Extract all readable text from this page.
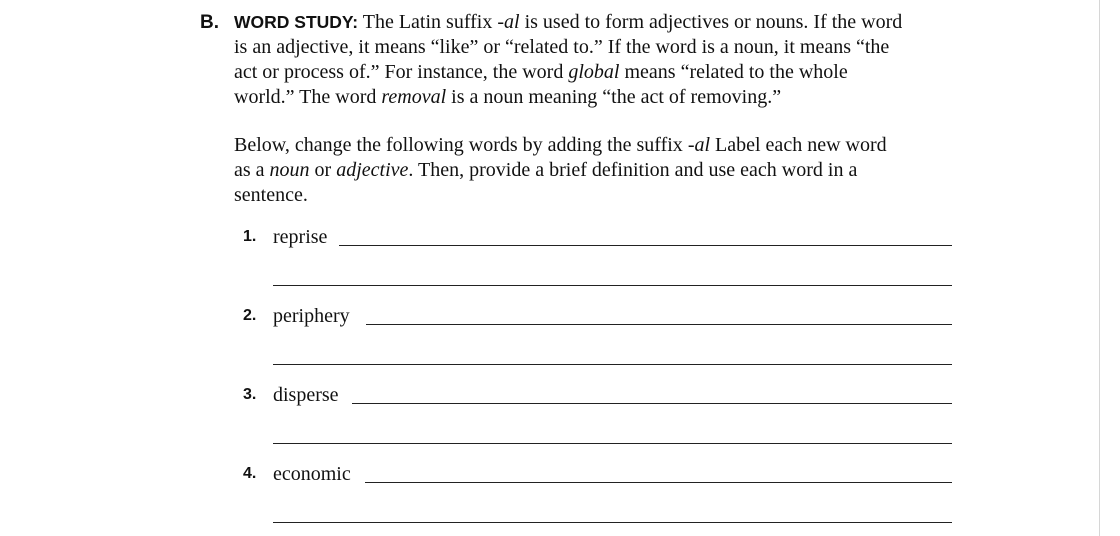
B. WORD STUDY: The Latin suffix -al is used to form adjectives or nouns. If the word
is an adjective, it means “like” or “related to.” If the word is a noun, it means “the
act or process of.” For instance, the word global means “related to the whole
world.” The word removal is a noun meaning “the act of removing.”
Below, change the following words by adding the suffix -al Label each new word
as a noun or adjective. Then, provide a brief definition and use each word in a
sentence.
1. reprise
2. periphery
3. disperse
4. economic
